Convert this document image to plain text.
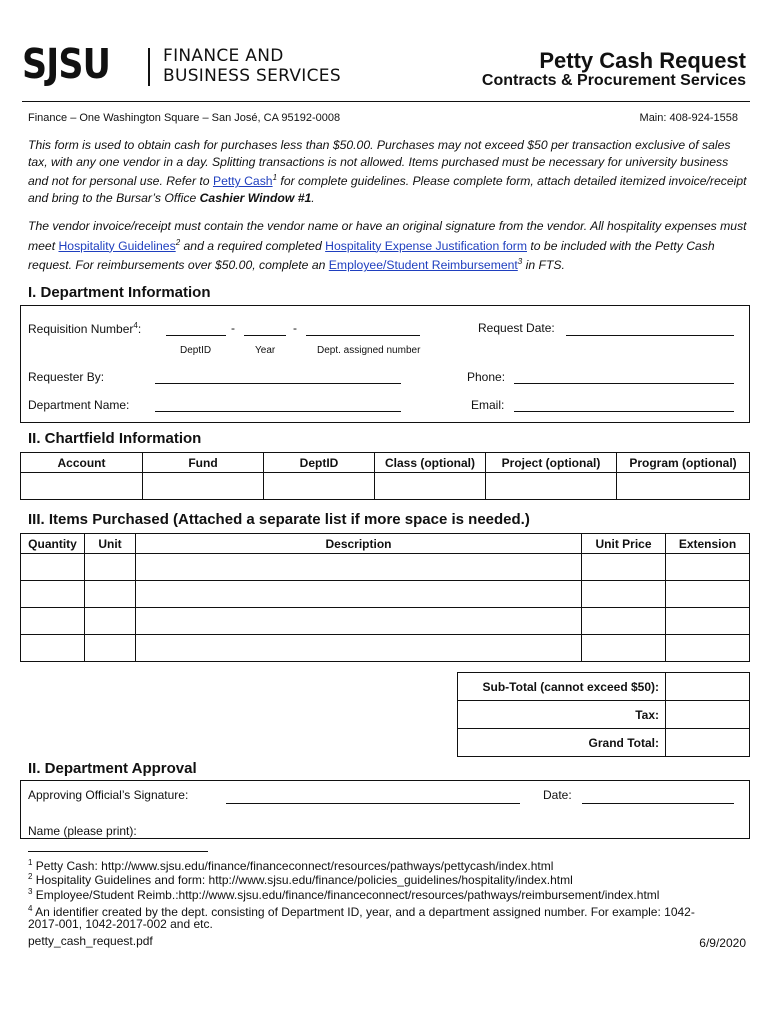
SJSU	FINANCE AND
BUSINESS SERVICES
Petty Cash Request
Contracts & Procurement Services
Finance – One Washington Square – San José, CA 95192-0008	Main: 408-924-1558
This form is used to obtain cash for purchases less than $50.00. Purchases may not exceed $50 per transaction exclusive of sales tax, with any one vendor in a day. Splitting transactions is not allowed. Items purchased must be necessary for university business and not for personal use. Refer to Petty Cash$^1$ for complete guidelines. Please complete form, attach detailed itemized invoice/receipt and bring to the Bursar’s Office Cashier Window #1.
The vendor invoice/receipt must contain the vendor name or have an original signature from the vendor. All hospitality expenses must meet Hospitality Guidelines$^2$ and a required completed Hospitality Expense Justification form to be included with the Petty Cash request. For reimbursements over $50.00, complete an Employee/Student Reimbursement$^3$ in FTS.
I. Department Information
Requisition Number$^4$:	-	-
DeptID	Year	Dept. assigned number
Request Date:
Requester By:	Phone:
Department Name:	Email:
II. Chartfield Information
Account	Fund	DeptID	Class (optional)	Project (optional)	Program (optional)

III. Items Purchased (Attached a separate list if more space is needed.)
Quantity	Unit	Description	Unit Price	Extension

Sub-Total (cannot exceed $50):	
Tax:	
Grand Total:	
II. Department Approval
Approving Official’s Signature:	Date:
Name (please print):
$^1$ Petty Cash: http://www.sjsu.edu/finance/financeconnect/resources/pathways/pettycash/index.html
$^2$ Hospitality Guidelines and form: http://www.sjsu.edu/finance/policies_guidelines/hospitality/index.html
$^3$ Employee/Student Reimb.:http://www.sjsu.edu/finance/financeconnect/resources/pathways/reimbursement/index.html
$^4$ An identifier created by the dept. consisting of Department ID, year, and a department assigned number. For example: 1042-
2017-001, 1042-2017-002 and etc.
petty_cash_request.pdf	6/9/2020
